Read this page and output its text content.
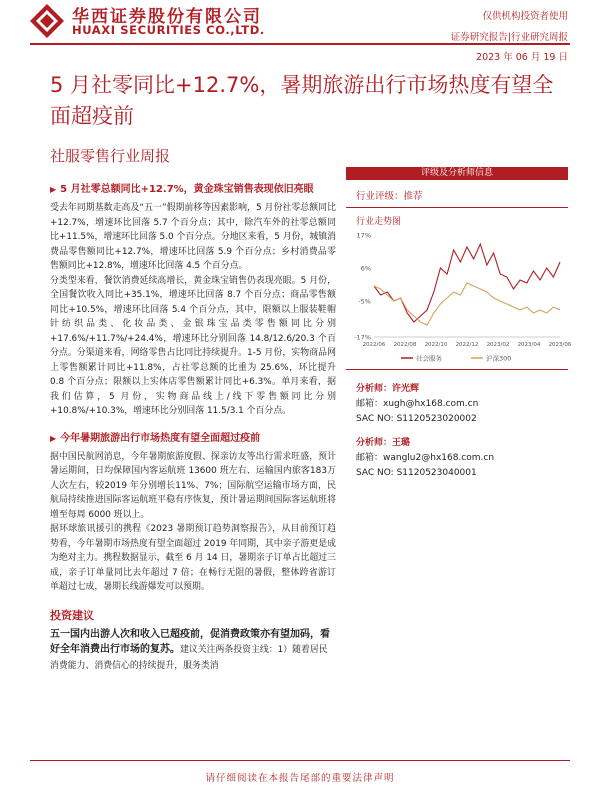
华西证券股份有限公司
HUAXI SECURITIES CO.,LTD.
仅供机构投资者使用
证券研究报告|行业研究周报
2023 年 06 月 19 日
5 月社零同比+12.7%，暑期旅游出行市场热度有望全面超疫前
社服零售行业周报

▶ 5 月社零总额同比+12.7%，黄金珠宝销售表现依旧亮眼

受去年同期基数走高及“五一”假期前移等因素影响，5 月份社零总额同比+12.7%，增速环比回落 5.7 个百分点；其中，除汽车外的社零总额同比+11.5%，增速环比回落 5.0 个百分点。分地区来看，5 月份，城镇消费品零售额同比+12.7%，增速环比回落 5.9 个百分点；乡村消费品零售额同比+12.8%，增速环比回落 4.5 个百分点。

分类型来看，餐饮消费延续高增长，黄金珠宝销售仍表现亮眼。5 月份，全国餐饮收入同比+35.1%，增速环比回落 8.7 个百分点；商品零售额同比+10.5%，增速环比回落 5.4 个百分点，其中，限额以上服装鞋帽针纺织品类、化妆品类、金银珠宝品类零售额同比分别+17.6%/+11.7%/+24.4%，增速环比分别回落 14.8/12.6/20.3 个百分点。分渠道来看，网络零售占比同比持续提升。1-5 月份，实物商品网上零售额累计同比+11.8%，占社零总额的比重为 25.6%，环比提升 0.8 个百分点；限额以上实体店零售额累计同比+6.3%。单月来看，据我们估算，5 月份，实物商品线上/线下零售额同比分别+10.8%/+10.3%，增速环比分别回落 11.5/3.1 个百分点。

▶ 今年暑期旅游出行市场热度有望全面超过疫前

据中国民航网消息，今年暑期旅游度假、探亲访友等出行需求旺盛，预计暑运期间，日均保障国内客运航班 13600 班左右、运输国内旅客183万人次左右，较2019 年分别增长11%、7%；国际航空运输市场方面，民航局持续推进国际客运航班平稳有序恢复，预计暑运期间国际客运航班将增至每周 6000 班以上。

据环球旅讯援引的携程《2023 暑期预订趋势洞察报告》，从目前预订趋势看，今年暑期市场热度有望全面超过 2019 年同期，其中亲子游更是成为绝对主力。携程数据显示，截至 6 月 14 日，暑期亲子订单占比超过三成，亲子订单量同比去年超过 7 倍；在畅行无阻的暑假，整体跨省游订单超过七成，暑期长线游爆发可以预期。

投资建议

五一国内出游人次和收入已超疫前，促消费政策亦有望加码，看好全年消费出行市场的复苏。建议关注两条投资主线：1）随着居民消费能力、消费信心的持续提升，服务类消

评级及分析师信息
行业评级：推荐
行业走势图
17%
6%
-5%
-17%
2022/06 2022/08 2022/10 2022/12 2023/02 2023/04 2023/06
社会服务	沪深300
分析师：许光辉
邮箱：xugh@hx168.com.cn
SAC NO: S1120523020002
分析师：王璐
邮箱：wanglu2@hx168.com.cn
SAC NO: S1120523040001
请仔细阅读在本报告尾部的重要法律声明
